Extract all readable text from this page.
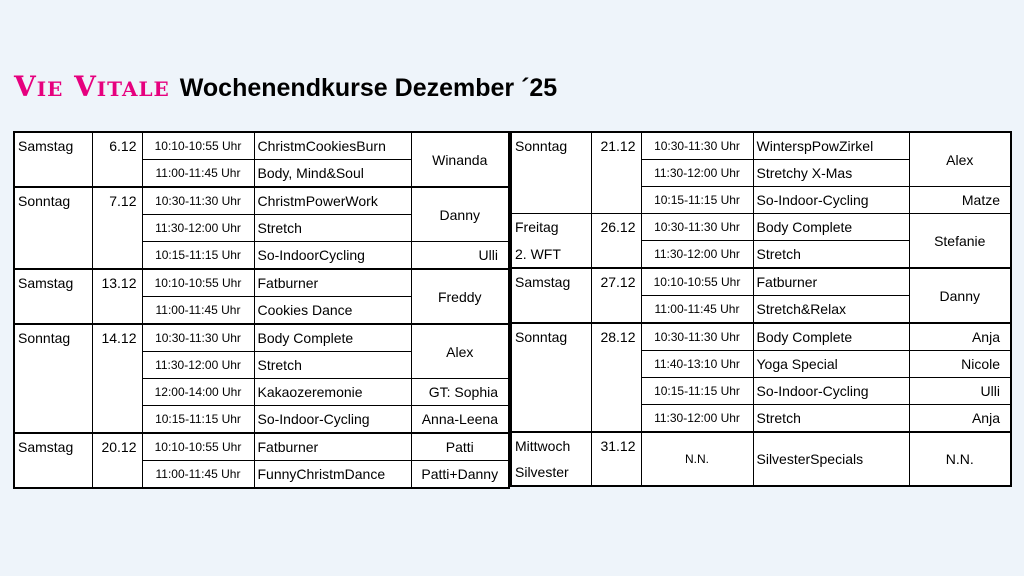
Vie Vitale Wochenendkurse Dezember ´25
Samstag	6.12	10:10-10:55 Uhr	ChristmCookiesBurn	Winanda
		11:00-11:45 Uhr	Body, Mind&Soul	
Sonntag	7.12	10:30-11:30 Uhr	ChristmPowerWork	Danny
		11:30-12:00 Uhr	Stretch	
		10:15-11:15 Uhr	So-IndoorCycling	Ulli
Samstag	13.12	10:10-10:55 Uhr	Fatburner	Freddy
		11:00-11:45 Uhr	Cookies Dance	
Sonntag	14.12	10:30-11:30 Uhr	Body Complete	Alex
		11:30-12:00 Uhr	Stretch	
		12:00-14:00 Uhr	Kakaozeremonie	GT: Sophia
		10:15-11:15 Uhr	So-Indoor-Cycling	Anna-Leena
Samstag	20.12	10:10-10:55 Uhr	Fatburner	Patti
		11:00-11:45 Uhr	FunnyChristmDance	Patti+Danny
Sonntag	21.12	10:30-11:30 Uhr	WintersрPowZirkel	Alex
		11:30-12:00 Uhr	Stretchy X-Mas	
		10:15-11:15 Uhr	So-Indoor-Cycling	Matze
Freitag	26.12	10:30-11:30 Uhr	Body Complete	Stefanie
2. WFT		11:30-12:00 Uhr	Stretch	
Samstag	27.12	10:10-10:55 Uhr	Fatburner	Danny
		11:00-11:45 Uhr	Stretch&Relax	
Sonntag	28.12	10:30-11:30 Uhr	Body Complete	Anja
		11:40-13:10 Uhr	Yoga Special	Nicole
		10:15-11:15 Uhr	So-Indoor-Cycling	Ulli
		11:30-12:00 Uhr	Stretch	Anja
Mittwoch	31.12	N.N.	SilvesterSpecials	N.N.
Silvester				
